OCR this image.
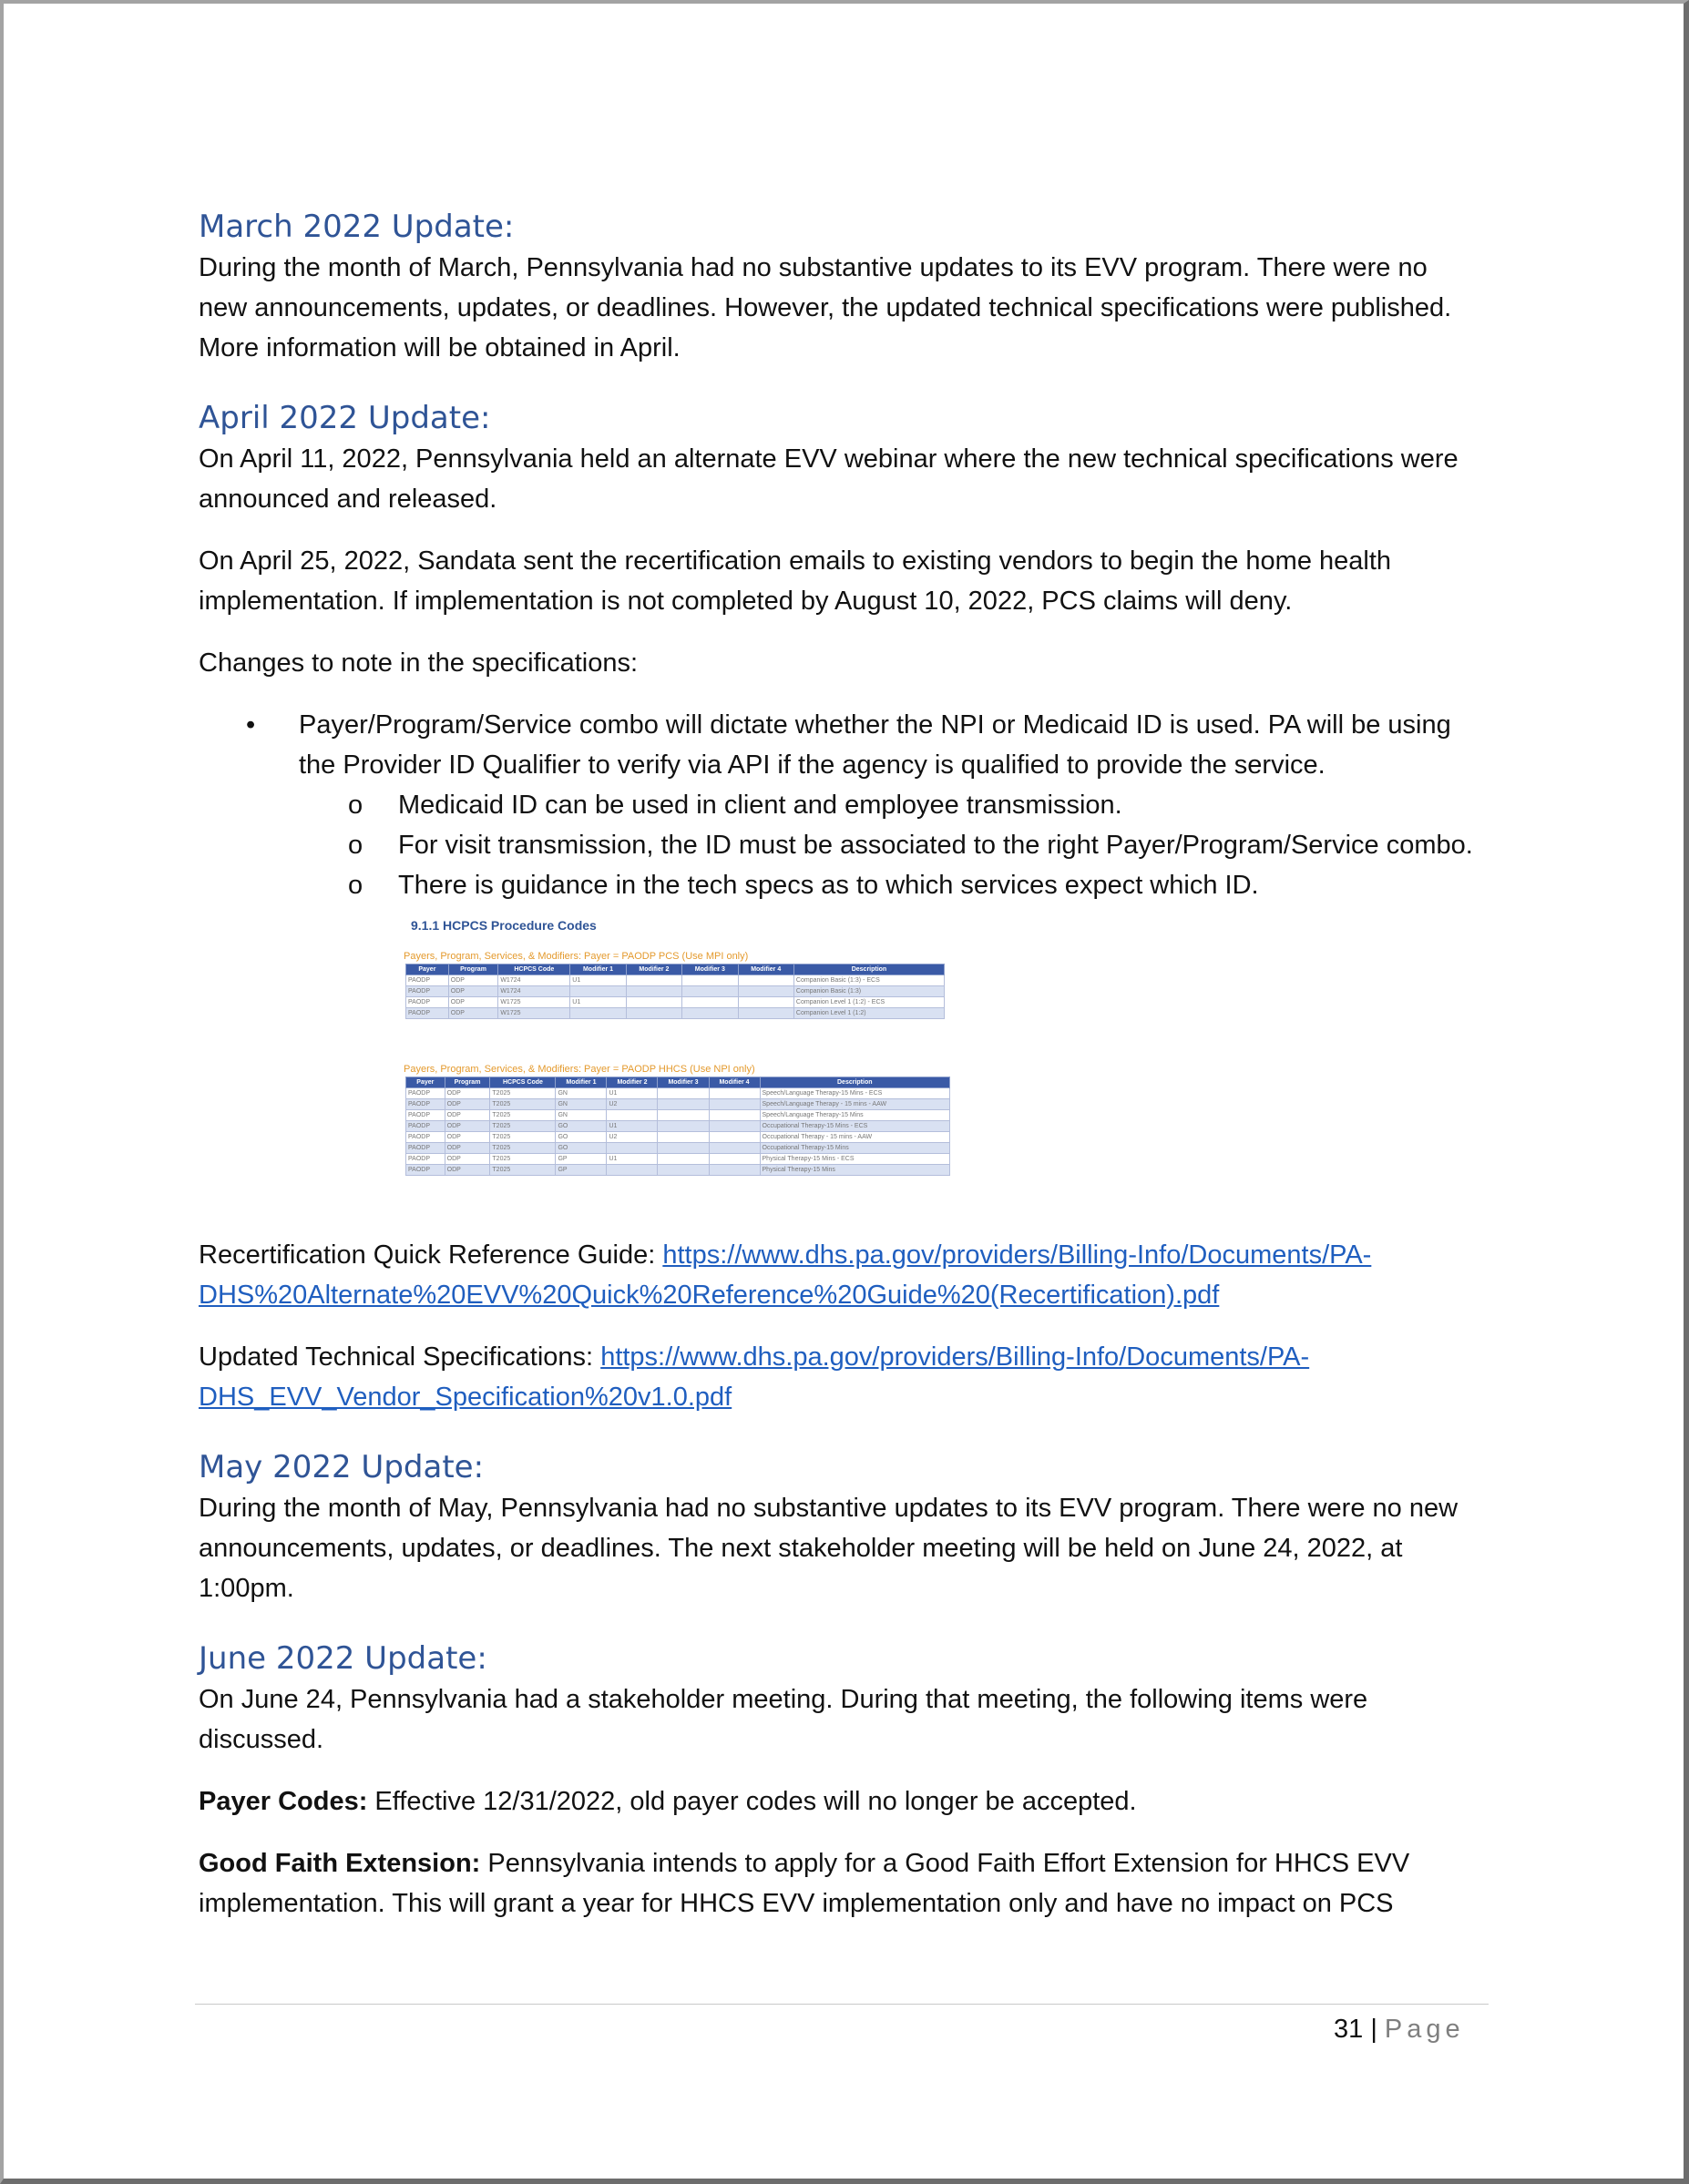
March 2022 Update:

During the month of March, Pennsylvania had no substantive updates to its EVV program. There were no new announcements, updates, or deadlines. However, the updated technical specifications were published. More information will be obtained in April.

April 2022 Update:

On April 11, 2022, Pennsylvania held an alternate EVV webinar where the new technical specifications were announced and released.

On April 25, 2022, Sandata sent the recertification emails to existing vendors to begin the home health implementation. If implementation is not completed by August 10, 2022, PCS claims will deny.

Changes to note in the specifications:

• Payer/Program/Service combo will dictate whether the NPI or Medicaid ID is used. PA will be using the Provider ID Qualifier to verify via API if the agency is qualified to provide the service.

o Medicaid ID can be used in client and employee transmission.
o For visit transmission, the ID must be associated to the right Payer/Program/Service combo.
o There is guidance in the tech specs as to which services expect which ID.
9.1.1 HCPCS Procedure Codes
Payers, Program, Services, & Modifiers: Payer = PAODP PCS (Use MPI only)
Payer	Program	HCPCS Code	Modifier 1	Modifier 2	Modifier 3	Modifier 4	Description
PAODP	ODP	W1724	U1				Companion Basic (1:3) - ECS
PAODP	ODP	W1724					Companion Basic (1:3)
PAODP	ODP	W1725	U1				Companion Level 1 (1:2) - ECS
PAODP	ODP	W1725					Companion Level 1 (1:2)
Payers, Program, Services, & Modifiers: Payer = PAODP HHCS (Use NPI only)
Payer	Program	HCPCS Code	Modifier 1	Modifier 2	Modifier 3	Modifier 4	Description
PAODP	ODP	T2025	GN	U1			Speech/Language Therapy-15 Mins - ECS
PAODP	ODP	T2025	GN	U2			Speech/Language Therapy - 15 mins - AAW
PAODP	ODP	T2025	GN				Speech/Language Therapy-15 Mins
PAODP	ODP	T2025	GO	U1			Occupational Therapy-15 Mins - ECS
PAODP	ODP	T2025	GO	U2			Occupational Therapy - 15 mins - AAW
PAODP	ODP	T2025	GO				Occupational Therapy-15 Mins
PAODP	ODP	T2025	GP	U1			Physical Therapy-15 Mins - ECS
PAODP	ODP	T2025	GP				Physical Therapy-15 Mins

Recertification Quick Reference Guide: https://www.dhs.pa.gov/providers/Billing-Info/Documents/PA-DHS%20Alternate%20EVV%20Quick%20Reference%20Guide%20(Recertification).pdf

Updated Technical Specifications: https://www.dhs.pa.gov/providers/Billing-Info/Documents/PA-DHS_EVV_Vendor_Specification%20v1.0.pdf

May 2022 Update:

During the month of May, Pennsylvania had no substantive updates to its EVV program. There were no new announcements, updates, or deadlines. The next stakeholder meeting will be held on June 24, 2022, at 1:00pm.

June 2022 Update:

On June 24, Pennsylvania had a stakeholder meeting. During that meeting, the following items were discussed.

Payer Codes: Effective 12/31/2022, old payer codes will no longer be accepted.

Good Faith Extension: Pennsylvania intends to apply for a Good Faith Effort Extension for HHCS EVV implementation. This will grant a year for HHCS EVV implementation only and have no impact on PCS

31 | Page
